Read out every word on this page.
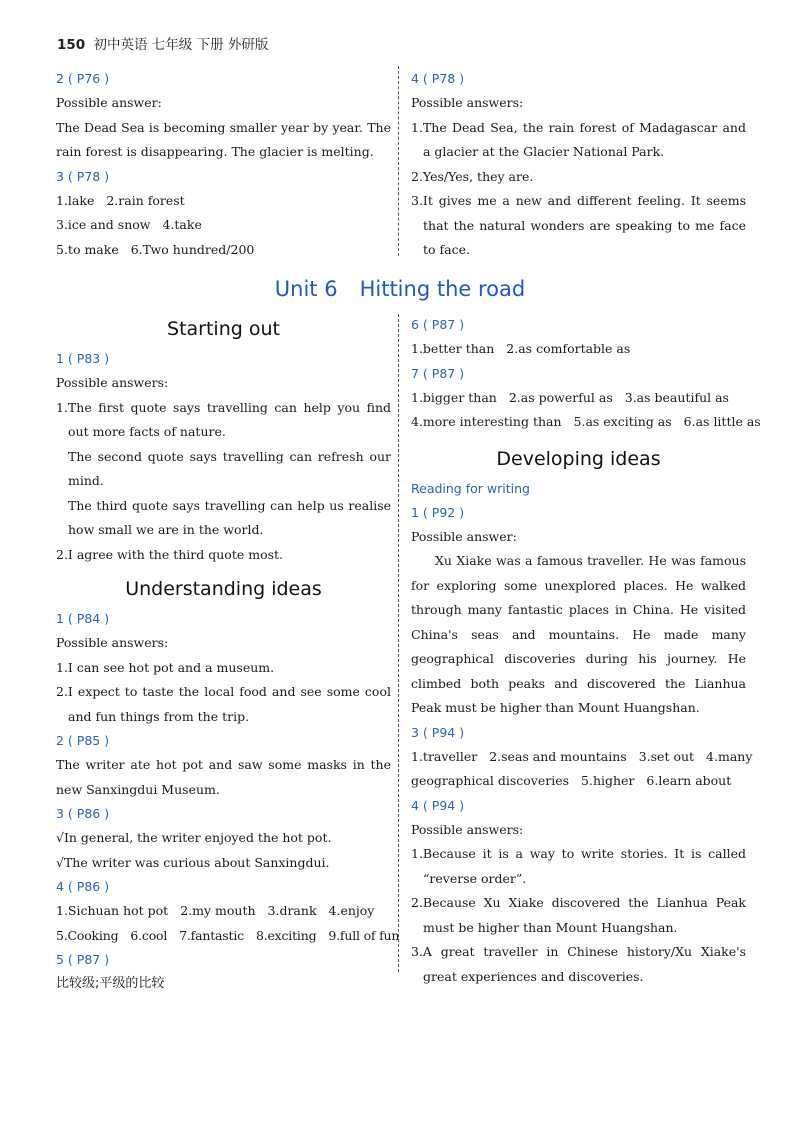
150 初中英语 七年级 下册 外研版
2 ( P76 )
Possible answer:
The Dead Sea is becoming smaller year by year. The rain forest is disappearing. The glacier is melting.
3 ( P78 )
1.lake 2.rain forest
3.ice and snow 4.take
5.to make 6.Two hundred/200
4 ( P78 )
Possible answers:
1.The Dead Sea, the rain forest of Madagascar and a glacier at the Glacier National Park.
2.Yes/Yes, they are.
3.It gives me a new and different feeling. It seems that the natural wonders are speaking to me face to face.
Unit 6 Hitting the road
Starting out
1 ( P83 )
Possible answers:
1.The first quote says travelling can help you find out more facts of nature.
The second quote says travelling can refresh our mind.
The third quote says travelling can help us realise how small we are in the world.
2.I agree with the third quote most.
Understanding ideas
1 ( P84 )
Possible answers:
1.I can see hot pot and a museum.
2.I expect to taste the local food and see some cool and fun things from the trip.
2 ( P85 )
The writer ate hot pot and saw some masks in the new Sanxingdui Museum.
3 ( P86 )
√In general, the writer enjoyed the hot pot.
√The writer was curious about Sanxingdui.
4 ( P86 )
1.Sichuan hot pot 2.my mouth 3.drank 4.enjoy
5.Cooking 6.cool 7.fantastic 8.exciting 9.full of fun
5 ( P87 )
比较级;平级的比较
6 ( P87 )
1.better than 2.as comfortable as
7 ( P87 )
1.bigger than 2.as powerful as 3.as beautiful as
4.more interesting than 5.as exciting as 6.as little as
Developing ideas
Reading for writing
1 ( P92 )
Possible answer:
Xu Xiake was a famous traveller. He was famous for exploring some unexplored places. He walked through many fantastic places in China. He visited China's seas and mountains. He made many geographical discoveries during his journey. He climbed both peaks and discovered the Lianhua Peak must be higher than Mount Huangshan.
3 ( P94 )
1.traveller 2.seas and mountains 3.set out 4.many
geographical discoveries 5.higher 6.learn about
4 ( P94 )
Possible answers:
1.Because it is a way to write stories. It is called “reverse order”.
2.Because Xu Xiake discovered the Lianhua Peak must be higher than Mount Huangshan.
3.A great traveller in Chinese history/Xu Xiake's great experiences and discoveries.
